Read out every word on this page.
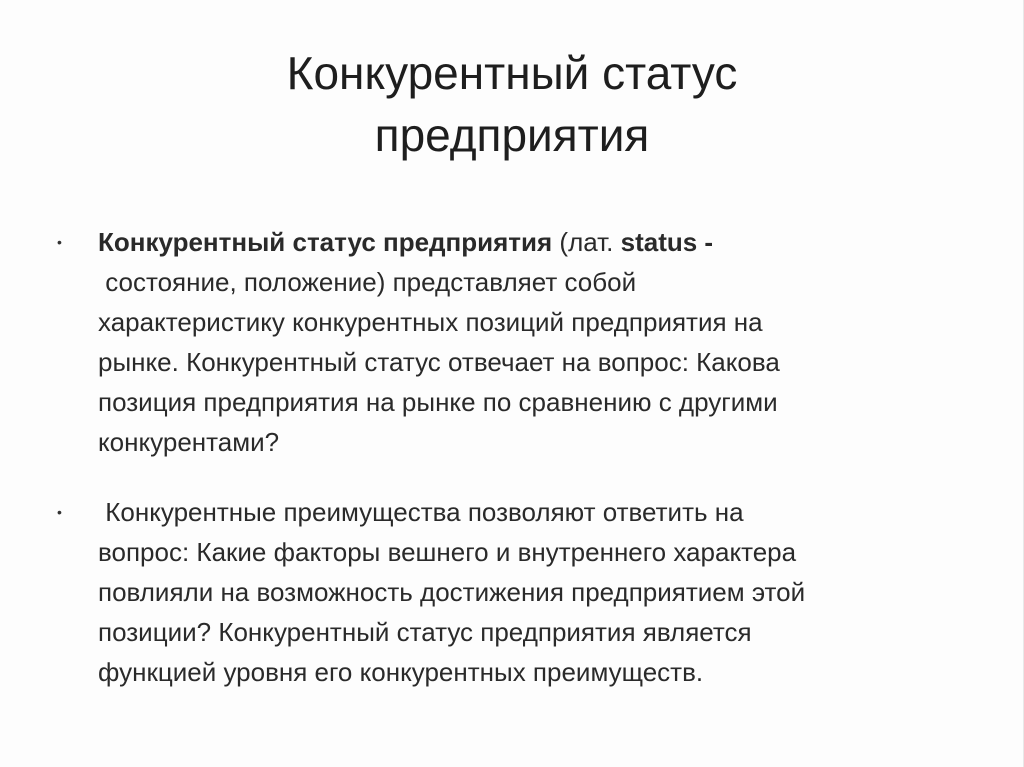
Конкурентный статус
предприятия
• Конкурентный статус предприятия (лат. status -
состояние, положение) представляет собой
характеристику конкурентных позиций предприятия на
рынке. Конкурентный статус отвечает на вопрос: Какова
позиция предприятия на рынке по сравнению с другими
конкурентами?
• Конкурентные преимущества позволяют ответить на
вопрос: Какие факторы вешнего и внутреннего характера
повлияли на возможность достижения предприятием этой
позиции? Конкурентный статус предприятия является
функцией уровня его конкурентных преимуществ.
